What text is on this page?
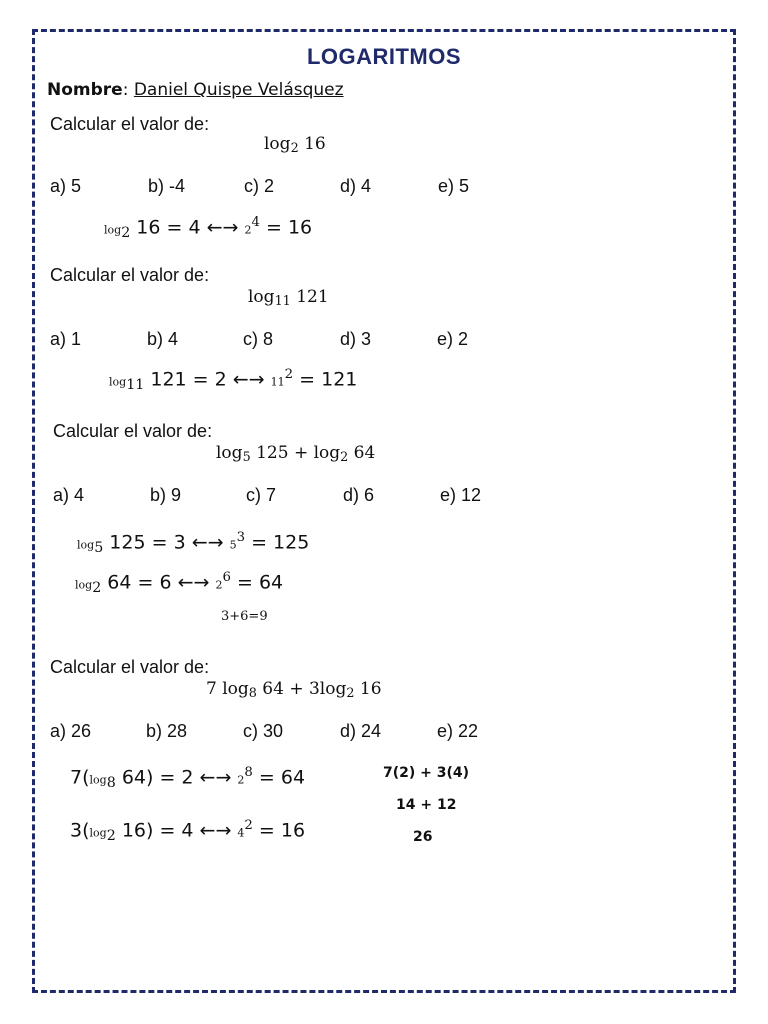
LOGARITMOS
Nombre: Daniel Quispe Velásquez
Calcular el valor de:
$\log_2 16$
a) 5	b) -4	c) 2	d) 4	e) 5
$\log_2 16 = 4$ ←→ $2^4 = 16$
Calcular el valor de:
$\log_{11} 121$
a) 1	b) 4	c) 8	d) 3	e) 2
$\log_{11} 121 = 2$ ←→ $11^2 = 121$
Calcular el valor de:
$\log_5 125 + \log_2 64$
a) 4	b) 9	c) 7	d) 6	e) 12
$\log_5 125 = 3$ ←→ $5^3 = 125$
$\log_2 64 = 6$ ←→ $2^6 = 64$
3+6=9
Calcular el valor de:
7 $\log_8 64 + 3\log_2$ 16
a) 26	b) 28	c) 30	d) 24	e) 22
$7(\log_8$ 64) = 2 ←→ $2^8 = 64$
$3(\log_2$ 16) = 4 ←→ $4^2 = 16$
7(2) + 3(4)
14 + 12
26
